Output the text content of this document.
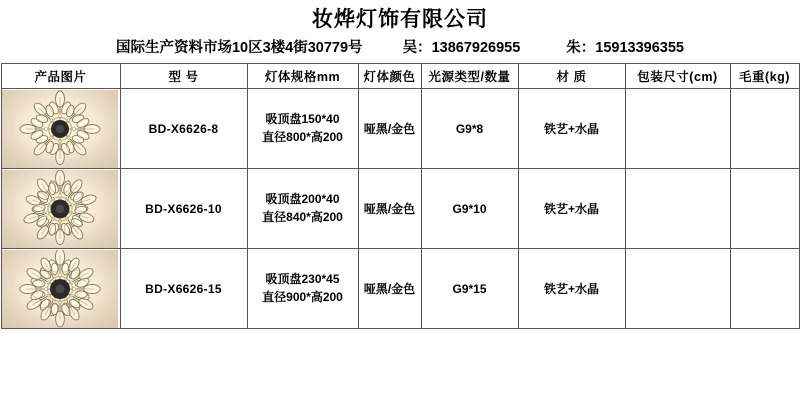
妆烨灯饰有限公司
国际生产资料市场10区3楼4街30779号	吴：13867926955	朱：15913396355
产品图片	型 号	灯体规格mm	灯体颜色	光源类型/数量	材 质	包装尺寸(cm)	毛重(kg)

	BD-X6626-8	吸顶盘150*40
直径800*高200	哑黑/金色	G9*8	铁艺+水晶		

	BD-X6626-10	吸顶盘200*40
直径840*高200	哑黑/金色	G9*10	铁艺+水晶		

	BD-X6626-15	吸顶盘230*45
直径900*高200	哑黑/金色	G9*15	铁艺+水晶		
